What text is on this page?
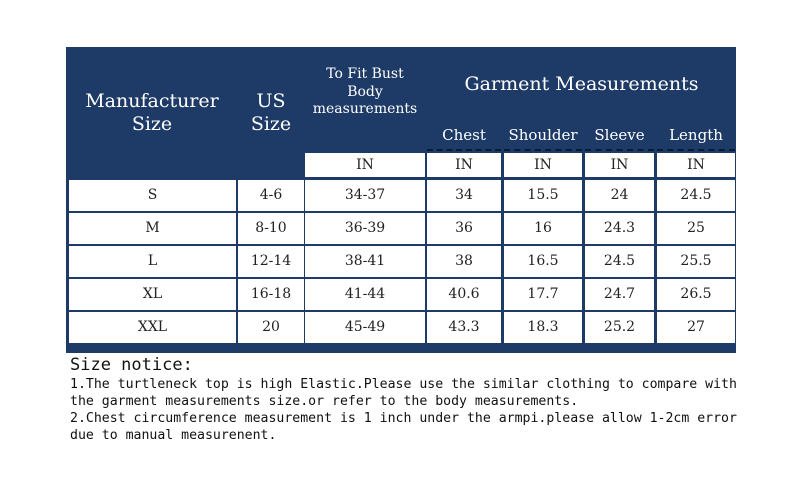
Manufacturer
Size
US
Size
To Fit Bust
Body
measurements
Garment Measurements
Chest	Shoulder	Sleeve	Length
IN	IN	IN	IN	IN
S	4-6	34-37	34	15.5	24	24.5
M	8-10	36-39	36	16	24.3	25
L	12-14	38-41	38	16.5	24.5	25.5
XL	16-18	41-44	40.6	17.7	24.7	26.5
XXL	20	45-49	43.3	18.3	25.2	27
Size notice:
1.The turtleneck top is high Elastic.Please use the similar clothing to compare with
the garment measurements size.or refer to the body measurements.
2.Chest circumference measurement is 1 inch under the armpi.please allow 1-2cm error
due to manual measurenent.
